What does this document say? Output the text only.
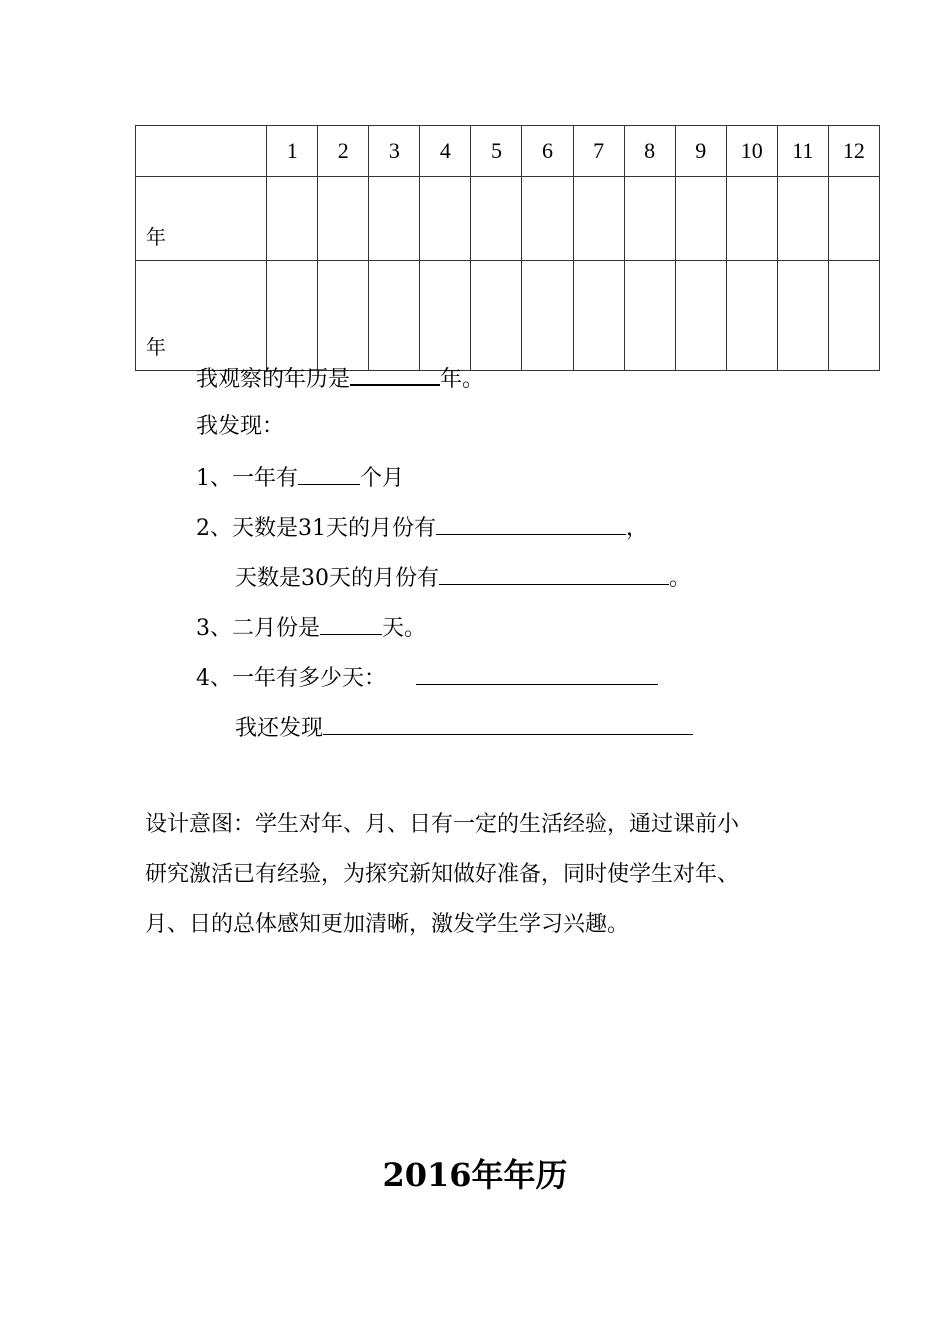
	1	2	3	4	5	6	7	8	9	10	11	12
年												
年												
我观察的年历是	年。
我发现：
1、一年有	个月
2、天数是31天的月份有	，
天数是30天的月份有	。
3、二月份是	天。
4、一年有多少天：
我还发现
设计意图：学生对年、月、日有一定的生活经验，通过课前小
研究激活已有经验，为探究新知做好准备，同时使学生对年、
月、日的总体感知更加清晰，激发学生学习兴趣。
2016年年历
